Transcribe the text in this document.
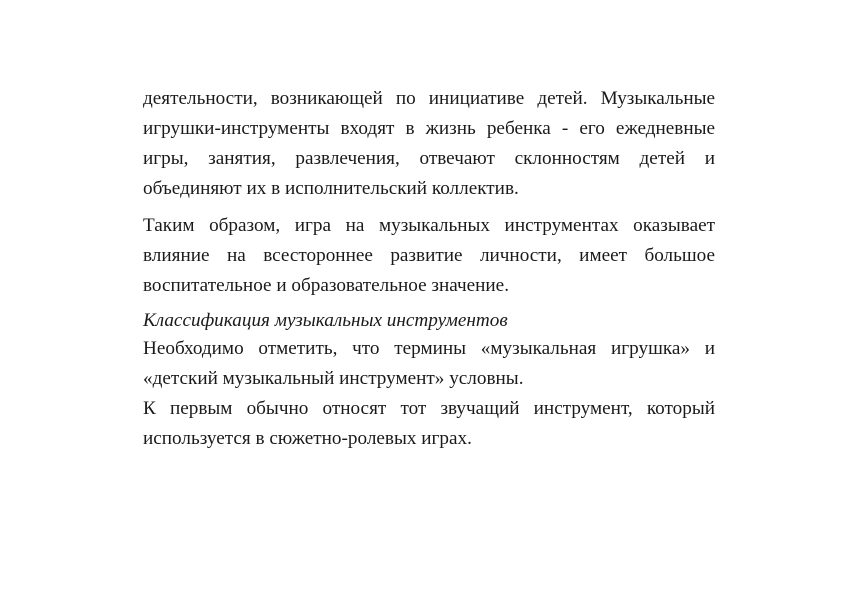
деятельности, возникающей по инициативе детей. Музыкальные игрушки-инструменты входят в жизнь ребенка - его ежедневные игры, занятия, развлечения, отвечают склонностям детей и объединяют их в исполнительский коллектив.

Таким образом, игра на музыкальных инструментах оказывает влияние на всестороннее развитие личности, имеет большое воспитательное и образовательное значение.

Классификация музыкальных инструментов

Необходимо отметить, что термины «музыкальная игрушка» и «детский музыкальный инструмент» условны.

К первым обычно относят тот звучащий инструмент, который используется в сюжетно-ролевых играх.
